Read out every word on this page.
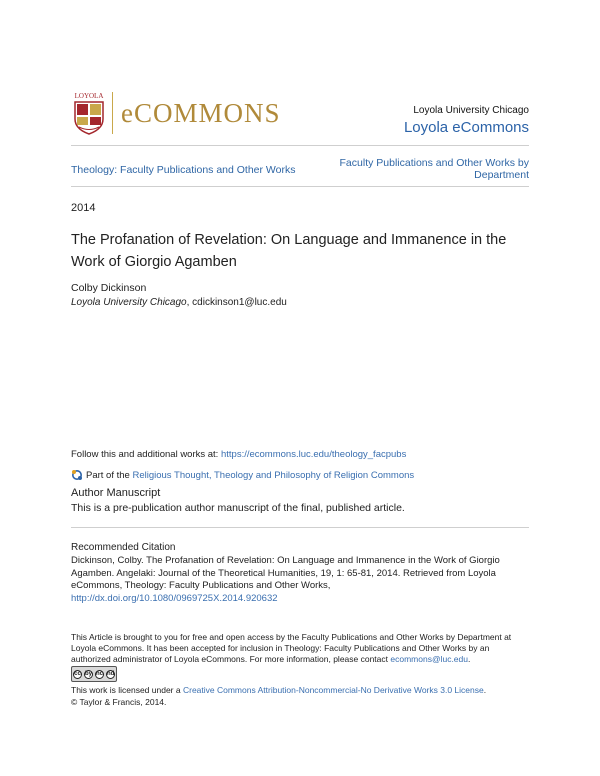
LOYOLA
eCOMMONS	Loyola University Chicago
Loyola eCommons
Theology: Faculty Publications and Other Works
Faculty Publications and Other Works by Department
2014
The Profanation of Revelation: On Language and Immanence in the Work of Giorgio Agamben
Colby Dickinson
Loyola University Chicago, cdickinson1@luc.edu
Follow this and additional works at: https://ecommons.luc.edu/theology_facpubs
Part of the Religious Thought, Theology and Philosophy of Religion Commons
Author Manuscript
This is a pre-publication author manuscript of the final, published article.
Recommended Citation
Dickinson, Colby. The Profanation of Revelation: On Language and Immanence in the Work of Giorgio Agamben. Angelaki: Journal of the Theoretical Humanities, 19, 1: 65-81, 2014. Retrieved from Loyola eCommons, Theology: Faculty Publications and Other Works, http://dx.doi.org/10.1080/0969725X.2014.920632
This Article is brought to you for free and open access by the Faculty Publications and Other Works by Department at Loyola eCommons. It has been accepted for inclusion in Theology: Faculty Publications and Other Works by an authorized administrator of Loyola eCommons. For more information, please contact ecommons@luc.edu.
cc by nc nd
This work is licensed under a Creative Commons Attribution-Noncommercial-No Derivative Works 3.0 License.
© Taylor & Francis, 2014.
